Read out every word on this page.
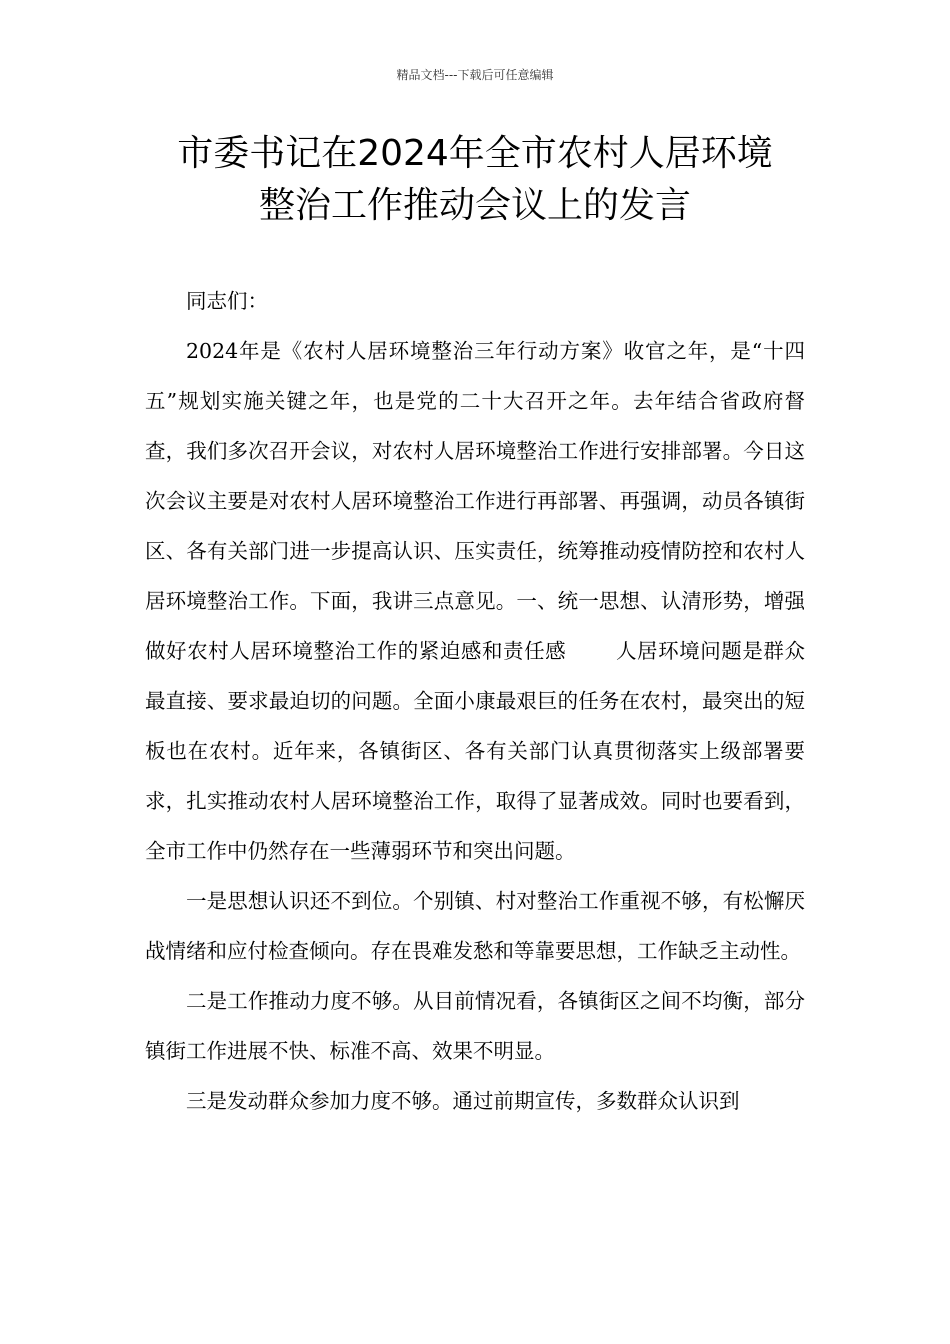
精品文档---下载后可任意编辑
市委书记在2024年全市农村人居环境
整治工作推动会议上的发言

同志们：

2024年是《农村人居环境整治三年行动方案》收官之年，是“十四五”规划实施关键之年，也是党的二十大召开之年。去年结合省政府督查，我们多次召开会议，对农村人居环境整治工作进行安排部署。今日这次会议主要是对农村人居环境整治工作进行再部署、再强调，动员各镇街区、各有关部门进一步提高认识、压实责任，统筹推动疫情防控和农村人居环境整治工作。下面，我讲三点意见。一、统一思想、认清形势，增强做好农村人居环境整治工作的紧迫感和责任感 人居环境问题是群众最直接、要求最迫切的问题。全面小康最艰巨的任务在农村，最突出的短板也在农村。近年来，各镇街区、各有关部门认真贯彻落实上级部署要求，扎实推动农村人居环境整治工作，取得了显著成效。同时也要看到，全市工作中仍然存在一些薄弱环节和突出问题。

一是思想认识还不到位。个别镇、村对整治工作重视不够，有松懈厌战情绪和应付检查倾向。存在畏难发愁和等靠要思想，工作缺乏主动性。

二是工作推动力度不够。从目前情况看，各镇街区之间不均衡，部分镇街工作进展不快、标准不高、效果不明显。

三是发动群众参加力度不够。通过前期宣传，多数群众认识到
